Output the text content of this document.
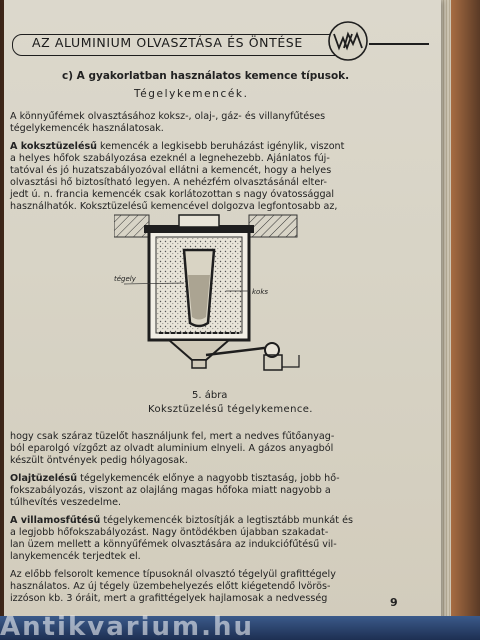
AZ ALUMINIUM OLVASZTÁSA ÉS ÖNTÉSE
c) A gyakorlatban használatos kemence típusok.
Tégelykemencék.
A könnyűfémek olvasztásához koksz-, olaj-, gáz- és villanyfűtéses
tégelykemencék használatosak.
A koksztüzelésű kemencék a legkisebb beruházást igénylik, viszont
a helyes hőfok szabályozása ezeknél a legnehezebb. Ajánlatos fúj-
tatóval és jó huzatszabályozóval ellátni a kemencét, hogy a helyes
olvasztási hő biztosítható legyen. A nehézfém olvasztásánál elter-
jedt ú. n. francia kemencék csak korlátozottan s nagy óvatossággal
használhatók. Koksztüzelésű kemencével dolgozva legfontosabb az,
tégely
koks
5. ábra
Koksztüzelésű tégelykemence.
hogy csak száraz tüzelőt használjunk fel, mert a nedves fűtőanyag-
ból eparolgó vízgőzt az olvadt aluminium elnyeli. A gázos anyagból
készült öntvények pedig hólyagosak.
Olajtüzelésű tégelykemencék előnye a nagyobb tisztaság, jobb hő-
fokszabályozás, viszont az olajláng magas hőfoka miatt nagyobb a
túlhevítés veszedelme.
A villamosfűtésű tégelykemencék biztosítják a legtisztább munkát és
a legjobb hőfokszabályozást. Nagy öntödékben újabban szakadat-
lan üzem mellett a könnyűfémek olvasztására az indukciófűtésű vil-
lanykemencék terjedtek el.
Az előbb felsorolt kemence típusoknál olvasztó tégelyül grafittégely
használatos. Az új tégely üzembehelyezés előtt kiégetendő lvörös-
izzóson kb. 3 óráit, mert a grafittégelyek hajlamosak a nedvesség	9
Antikvarium.hu
